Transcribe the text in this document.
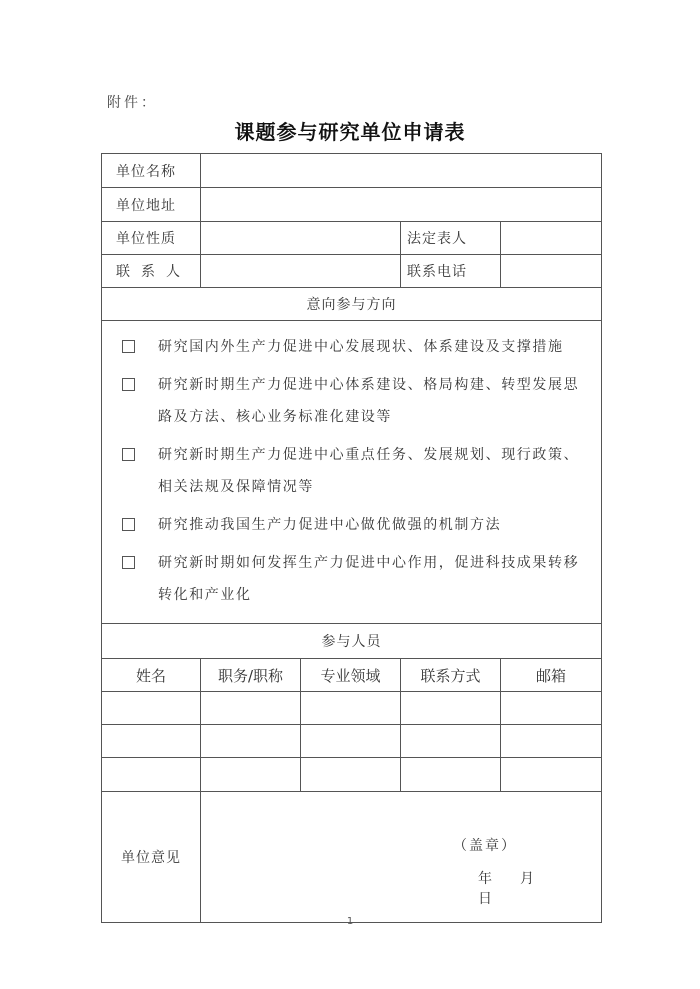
附件：
课题参与研究单位申请表
单位名称				
单位地址				
单位性质			法定表人	
联系人			联系电话	
意向参与方向				

研究国内外生产力促进中心发展现状、体系建设及支撑措施
研究新时期生产力促进中心体系建设、格局构建、转型发展思路及方法、核心业务标准化建设等
研究新时期生产力促进中心重点任务、发展规划、现行政策、相关法规及保障情况等
研究推动我国生产力促进中心做优做强的机制方法
研究新时期如何发挥生产力促进中心作用，促进科技成果转移转化和产业化				

参与人员				
姓名	职务/职称	专业领域	联系方式	邮箱

单位意见	（盖章）
年 月日			
1
